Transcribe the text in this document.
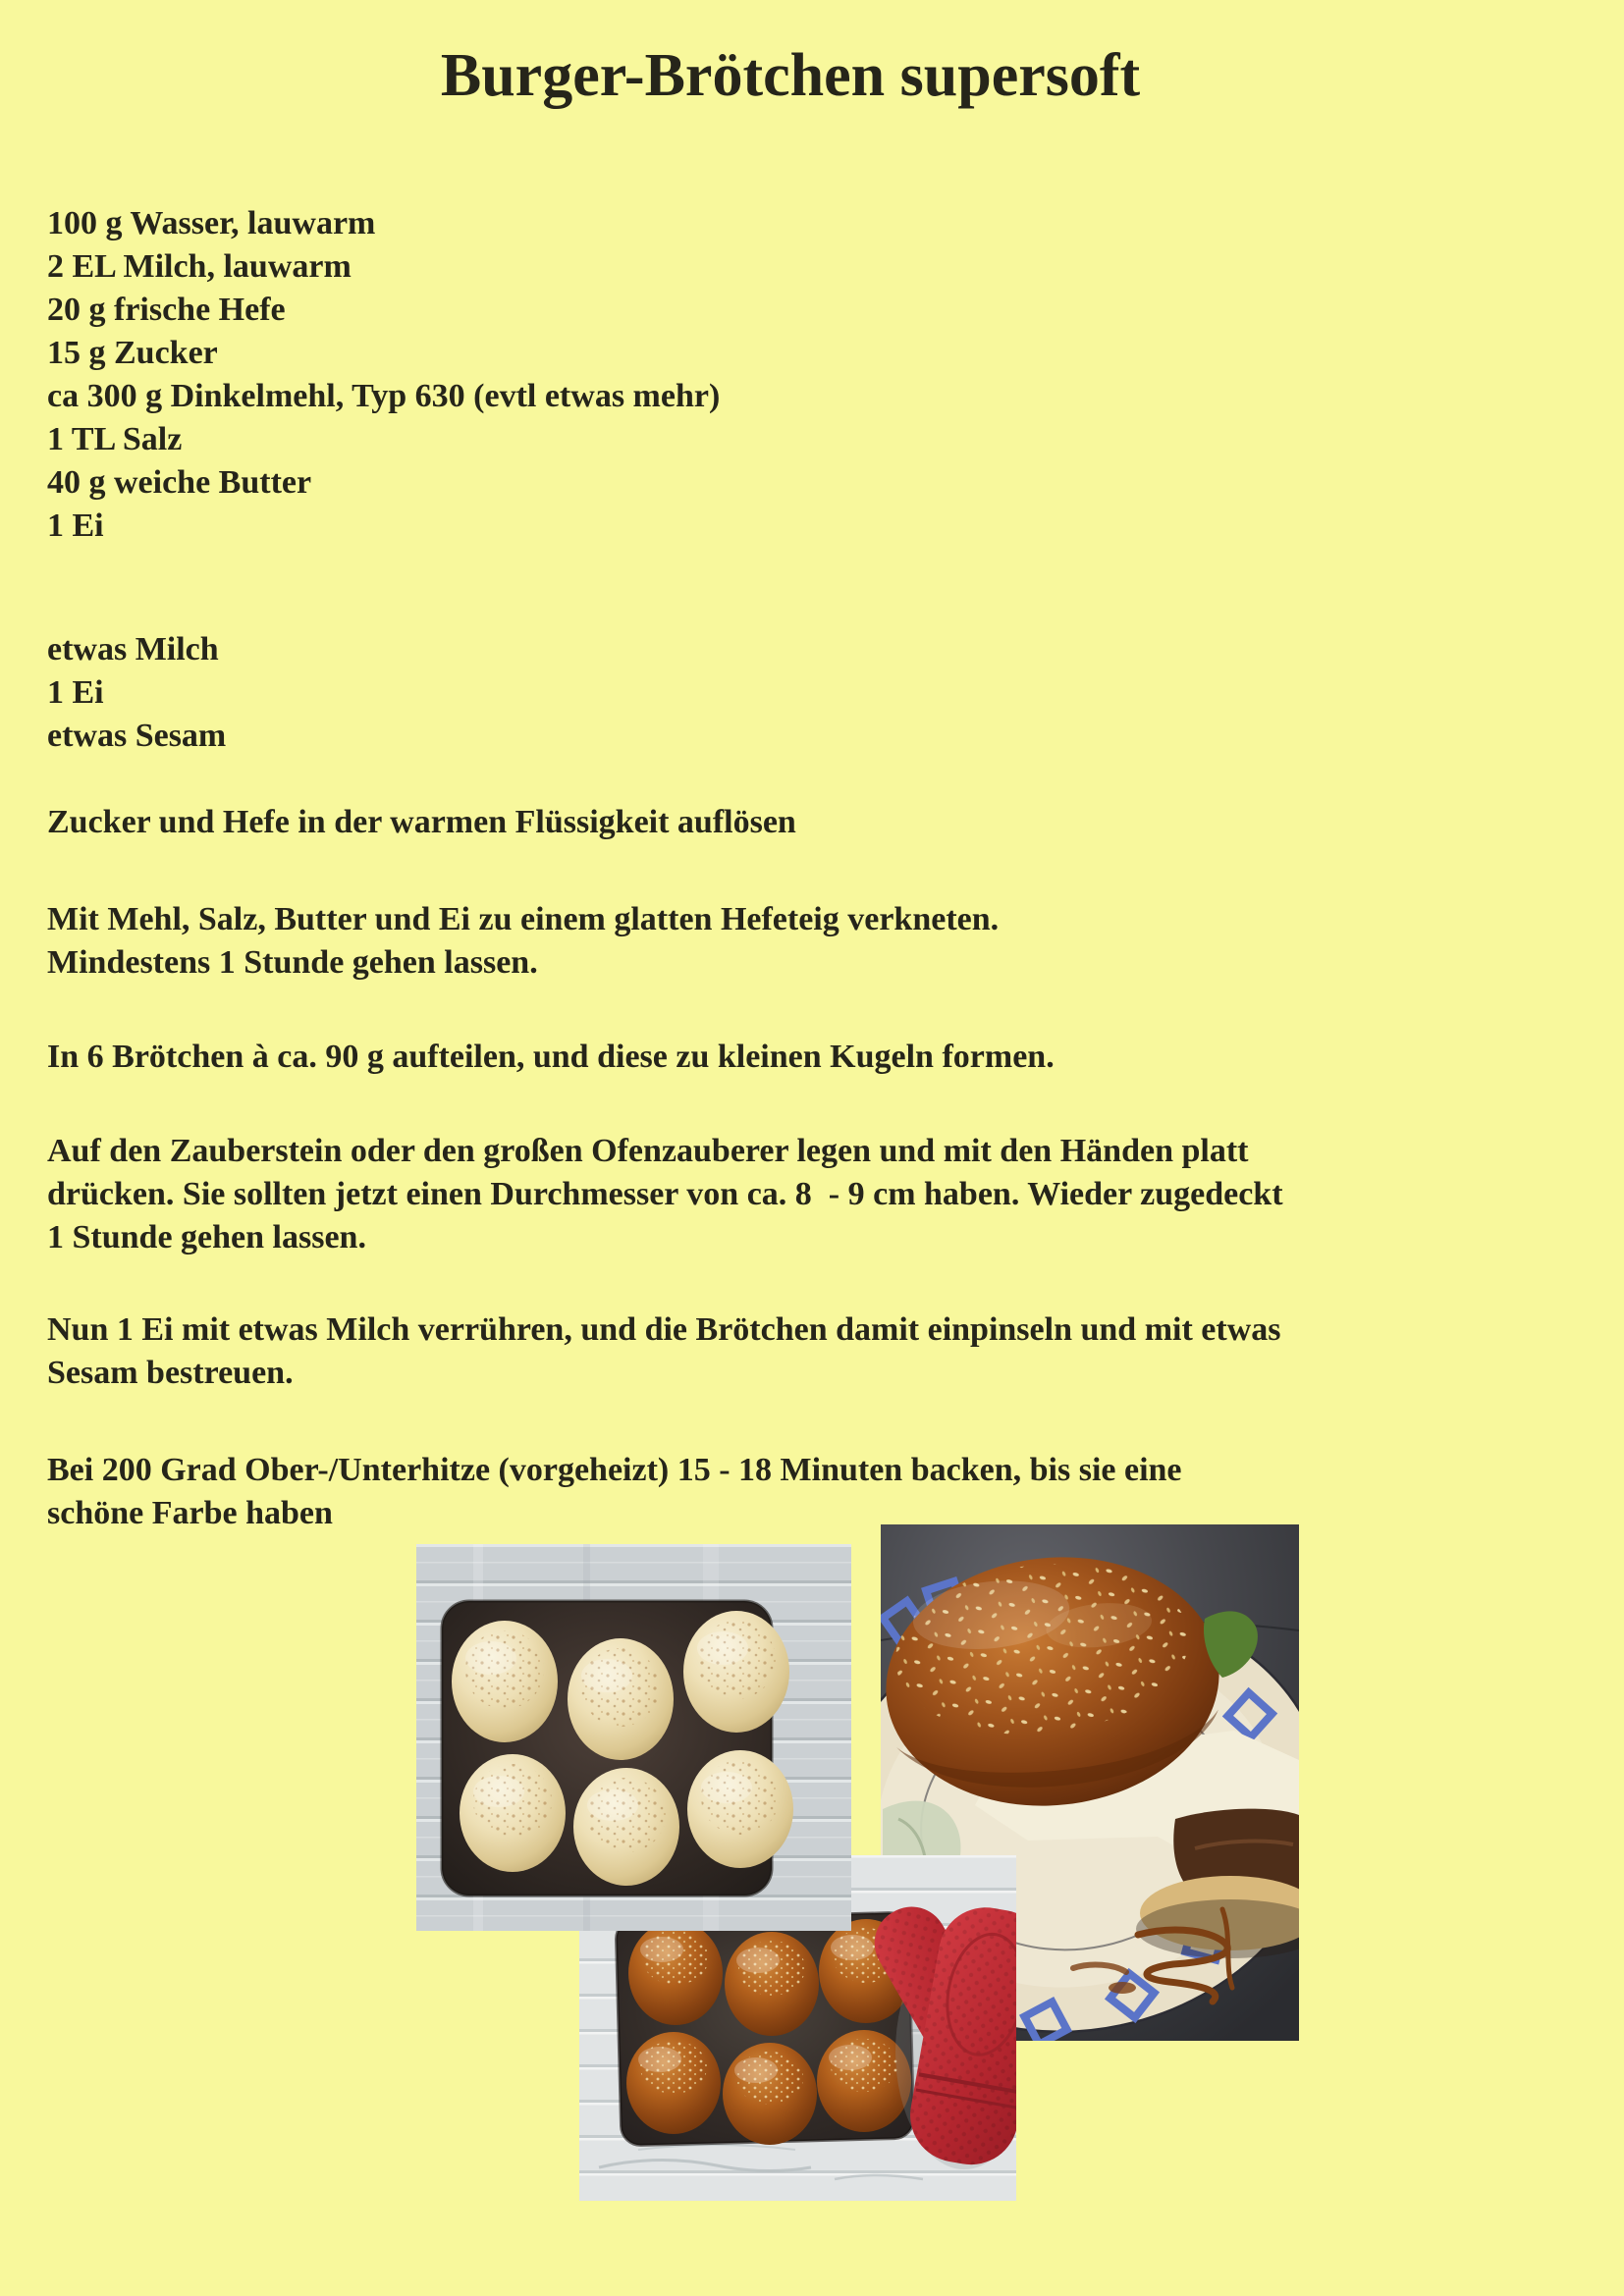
Burger-Brötchen supersoft
100 g Wasser, lauwarm
2 EL Milch, lauwarm
20 g frische Hefe
15 g Zucker
ca 300 g Dinkelmehl, Typ 630 (evtl etwas mehr)
1 TL Salz
40 g weiche Butter
1 Ei
etwas Milch
1 Ei
etwas Sesam
Zucker und Hefe in der warmen Flüssigkeit auflösen
Mit Mehl, Salz, Butter und Ei zu einem glatten Hefeteig verkneten.
Mindestens 1 Stunde gehen lassen.
In 6 Brötchen à ca. 90 g aufteilen, und diese zu kleinen Kugeln formen.
Auf den Zauberstein oder den großen Ofenzauberer legen und mit den Händen platt
drücken. Sie sollten jetzt einen Durchmesser von ca. 8  - 9 cm haben. Wieder zugedeckt
1 Stunde gehen lassen.
Nun 1 Ei mit etwas Milch verrühren, und die Brötchen damit einpinseln und mit etwas
Sesam bestreuen.
Bei 200 Grad Ober-/Unterhitze (vorgeheizt) 15 - 18 Minuten backen, bis sie eine
schöne Farbe haben
